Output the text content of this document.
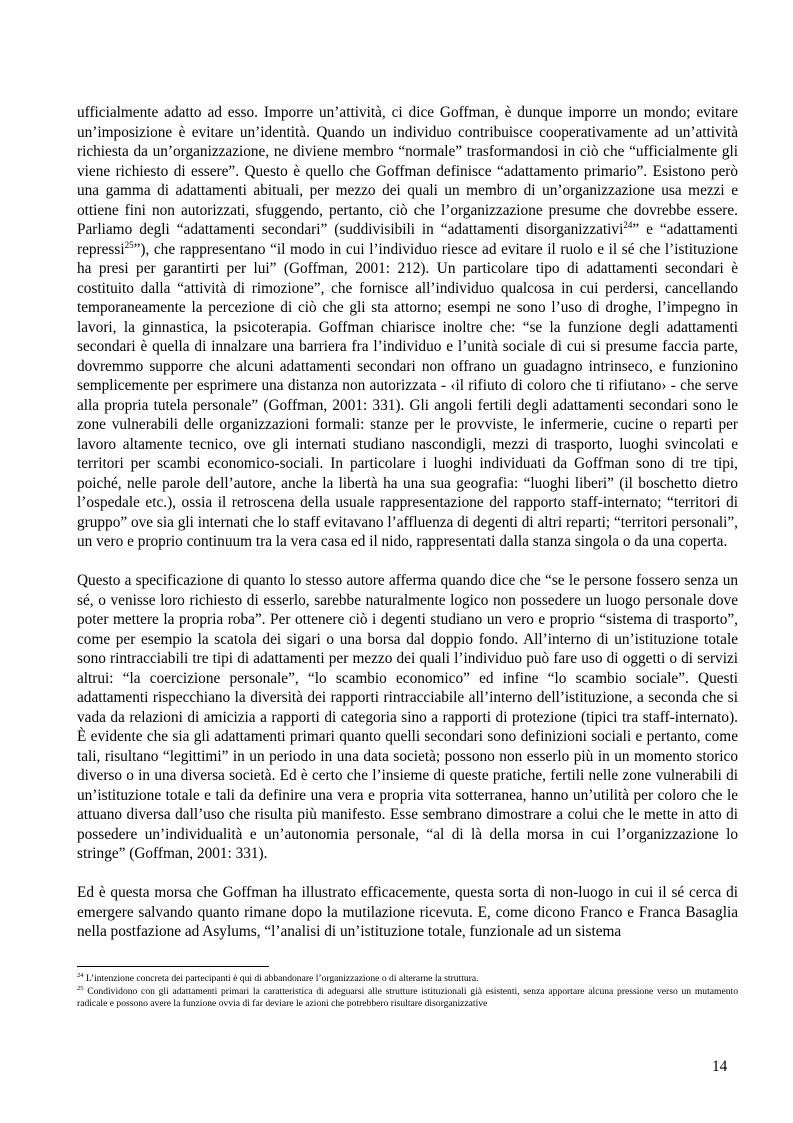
ufficialmente adatto ad esso. Imporre un’attività, ci dice Goffman, è dunque imporre un mondo; evitare un’imposizione è evitare un’identità. Quando un individuo contribuisce cooperativamente ad un’attività richiesta da un’organizzazione, ne diviene membro “normale” trasformandosi in ciò che “ufficialmente gli viene richiesto di essere”. Questo è quello che Goffman definisce “adattamento primario”. Esistono però una gamma di adattamenti abituali, per mezzo dei quali un membro di un’organizzazione usa mezzi e ottiene fini non autorizzati, sfuggendo, pertanto, ciò che l’organizzazione presume che dovrebbe essere. Parliamo degli “adattamenti secondari” (suddivisibili in “adattamenti disorganizzativi$^{24}$” e “adattamenti repressi$^{25}$”), che rappresentano “il modo in cui l’individuo riesce ad evitare il ruolo e il sé che l’istituzione ha presi per garantirti per lui” (Goffman, 2001: 212). Un particolare tipo di adattamenti secondari è costituito dalla “attività di rimozione”, che fornisce all’individuo qualcosa in cui perdersi, cancellando temporaneamente la percezione di ciò che gli sta attorno; esempi ne sono l’uso di droghe, l’impegno in lavori, la ginnastica, la psicoterapia. Goffman chiarisce inoltre che: “se la funzione degli adattamenti secondari è quella di innalzare una barriera fra l’individuo e l’unità sociale di cui si presume faccia parte, dovremmo supporre che alcuni adattamenti secondari non offrano un guadagno intrinseco, e funzionino semplicemente per esprimere una distanza non autorizzata - ‹il rifiuto di coloro che ti rifiutano› - che serve alla propria tutela personale” (Goffman, 2001: 331). Gli angoli fertili degli adattamenti secondari sono le zone vulnerabili delle organizzazioni formali: stanze per le provviste, le infermerie, cucine o reparti per lavoro altamente tecnico, ove gli internati studiano nascondigli, mezzi di trasporto, luoghi svincolati e territori per scambi economico-sociali. In particolare i luoghi individuati da Goffman sono di tre tipi, poiché, nelle parole dell’autore, anche la libertà ha una sua geografia: “luoghi liberi” (il boschetto dietro l’ospedale etc.), ossia il retroscena della usuale rappresentazione del rapporto staff-internato; “territori di gruppo” ove sia gli internati che lo staff evitavano l’affluenza di degenti di altri reparti; “territori personali”, un vero e proprio continuum tra la vera casa ed il nido, rappresentati dalla stanza singola o da una coperta.

Questo a specificazione di quanto lo stesso autore afferma quando dice che “se le persone fossero senza un sé, o venisse loro richiesto di esserlo, sarebbe naturalmente logico non possedere un luogo personale dove poter mettere la propria roba”. Per ottenere ciò i degenti studiano un vero e proprio “sistema di trasporto”, come per esempio la scatola dei sigari o una borsa dal doppio fondo. All’interno di un’istituzione totale sono rintracciabili tre tipi di adattamenti per mezzo dei quali l’individuo può fare uso di oggetti o di servizi altrui: “la coercizione personale”, “lo scambio economico” ed infine “lo scambio sociale”. Questi adattamenti rispecchiano la diversità dei rapporti rintracciabile all’interno dell’istituzione, a seconda che si vada da relazioni di amicizia a rapporti di categoria sino a rapporti di protezione (tipici tra staff-internato). È evidente che sia gli adattamenti primari quanto quelli secondari sono definizioni sociali e pertanto, come tali, risultano “legittimi” in un periodo in una data società; possono non esserlo più in un momento storico diverso o in una diversa società. Ed è certo che l’insieme di queste pratiche, fertili nelle zone vulnerabili di un’istituzione totale e tali da definire una vera e propria vita sotterranea, hanno un’utilità per coloro che le attuano diversa dall’uso che risulta più manifesto. Esse sembrano dimostrare a colui che le mette in atto di possedere un’individualità e un’autonomia personale, “al di là della morsa in cui l’organizzazione lo stringe” (Goffman, 2001: 331).

Ed è questa morsa che Goffman ha illustrato efficacemente, questa sorta di non-luogo in cui il sé cerca di emergere salvando quanto rimane dopo la mutilazione ricevuta. E, come dicono Franco e Franca Basaglia nella postfazione ad Asylums, “l’analisi di un’istituzione totale, funzionale ad un sistema

$^{24}$ L’intenzione concreta dei partecipanti è qui di abbandonare l’organizzazione o di alterarne la struttura.

$^{25}$ Condividono con gli adattamenti primari la caratteristica di adeguarsi alle strutture istituzionali già esistenti, senza apportare alcuna pressione verso un mutamento radicale e possono avere la funzione ovvia di far deviare le azioni che potrebbero risultare disorganizzative

14
